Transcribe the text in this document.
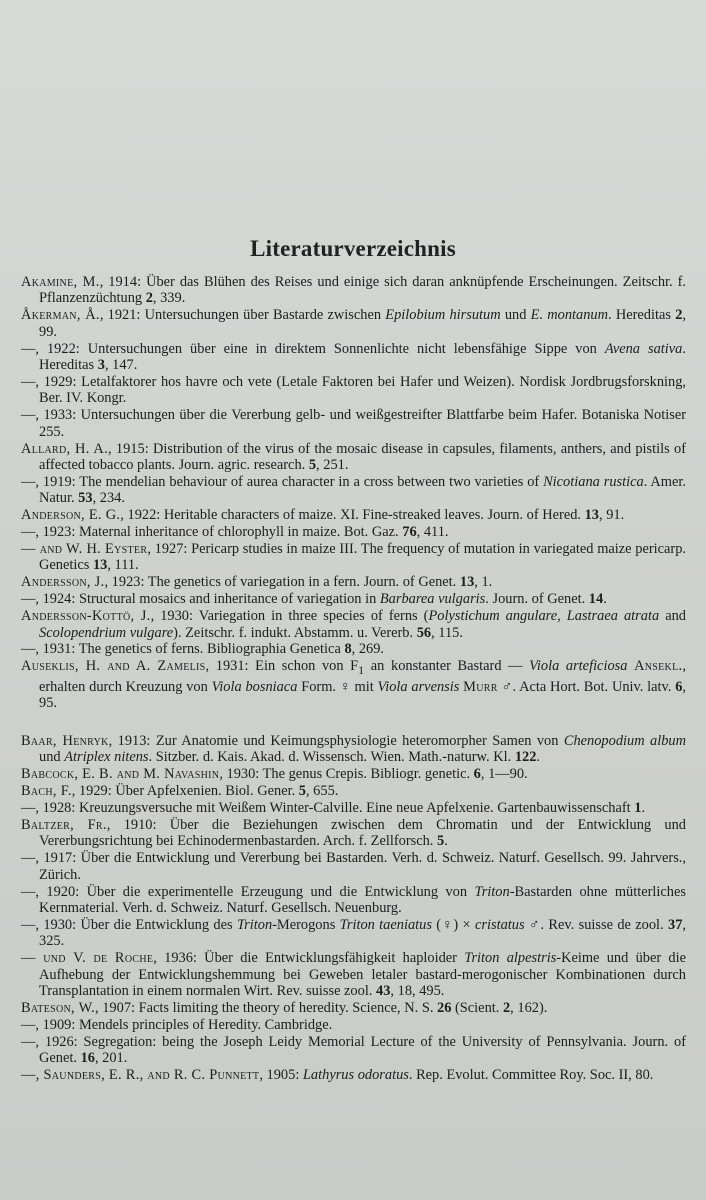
Literaturverzeichnis
Akamine, M., 1914: Über das Blühen des Reises und einige sich daran anknüpfende Erscheinungen. Zeitschr. f. Pflanzenzüchtung 2, 339.
Åkerman, Å., 1921: Untersuchungen über Bastarde zwischen Epilobium hirsutum und E. montanum. Hereditas 2, 99.
—, 1922: Untersuchungen über eine in direktem Sonnenlichte nicht lebensfähige Sippe von Avena sativa. Hereditas 3, 147.
—, 1929: Letalfaktorer hos havre och vete (Letale Faktoren bei Hafer und Weizen). Nordisk Jordbrugsforskning, Ber. IV. Kongr.
—, 1933: Untersuchungen über die Vererbung gelb- und weißgestreifter Blattfarbe beim Hafer. Botaniska Notiser 255.
Allard, H. A., 1915: Distribution of the virus of the mosaic disease in capsules, filaments, anthers, and pistils of affected tobacco plants. Journ. agric. research. 5, 251.
—, 1919: The mendelian behaviour of aurea character in a cross between two varieties of Nicotiana rustica. Amer. Natur. 53, 234.
Anderson, E. G., 1922: Heritable characters of maize. XI. Fine-streaked leaves. Journ. of Hered. 13, 91.
—, 1923: Maternal inheritance of chlorophyll in maize. Bot. Gaz. 76, 411.
— and W. H. Eyster, 1927: Pericarp studies in maize III. The frequency of mutation in variegated maize pericarp. Genetics 13, 111.
Andersson, J., 1923: The genetics of variegation in a fern. Journ. of Genet. 13, 1.
—, 1924: Structural mosaics and inheritance of variegation in Barbarea vulgaris. Journ. of Genet. 14.
Andersson-Kottö, J., 1930: Variegation in three species of ferns (Polystichum angulare, Lastraea atrata and Scolopendrium vulgare). Zeitschr. f. indukt. Abstamm. u. Vererb. 56, 115.
—, 1931: The genetics of ferns. Bibliographia Genetica 8, 269.
Auseklıs, H. and A. Zamelis, 1931: Ein schon von $F_1$ an konstanter Bastard — Viola arteficiosa Ansekl., erhalten durch Kreuzung von Viola bosniaca Form. ♀ mit Viola arvensis Murr ♂. Acta Hort. Bot. Univ. latv. 6, 95.
Baar, Henryk, 1913: Zur Anatomie und Keimungsphysiologie heteromorpher Samen von Chenopodium album und Atriplex nitens. Sitzber. d. Kais. Akad. d. Wissensch. Wien. Math.-naturw. Kl. 122.
Babcock, E. B. and M. Navashin, 1930: The genus Crepis. Bibliogr. genetic. 6, 1—90.
Bach, F., 1929: Über Apfelxenien. Biol. Gener. 5, 655.
—, 1928: Kreuzungsversuche mit Weißem Winter-Calville. Eine neue Apfelxenie. Gartenbauwissenschaft 1.
Baltzer, Fr., 1910: Über die Beziehungen zwischen dem Chromatin und der Entwicklung und Vererbungsrichtung bei Echinodermenbastarden. Arch. f. Zellforsch. 5.
—, 1917: Über die Entwicklung und Vererbung bei Bastarden. Verh. d. Schweiz. Naturf. Gesellsch. 99. Jahrvers., Zürich.
—, 1920: Über die experimentelle Erzeugung und die Entwicklung von Triton-Bastarden ohne mütterliches Kernmaterial. Verh. d. Schweiz. Naturf. Gesellsch. Neuenburg.
—, 1930: Über die Entwicklung des Triton-Merogons Triton taeniatus (♀) × cristatus ♂. Rev. suisse de zool. 37, 325.
— und V. de Roche, 1936: Über die Entwicklungsfähigkeit haploider Triton alpestris-Keime und über die Aufhebung der Entwicklungshemmung bei Geweben letaler bastard-merogonischer Kombinationen durch Transplantation in einem normalen Wirt. Rev. suisse zool. 43, 18, 495.
Bateson, W., 1907: Facts limiting the theory of heredity. Science, N. S. 26 (Scient. 2, 162).
—, 1909: Mendels principles of Heredity. Cambridge.
—, 1926: Segregation: being the Joseph Leidy Memorial Lecture of the University of Pennsylvania. Journ. of Genet. 16, 201.
—, Saunders, E. R., and R. C. Punnett, 1905: Lathyrus odoratus. Rep. Evolut. Committee Roy. Soc. II, 80.
